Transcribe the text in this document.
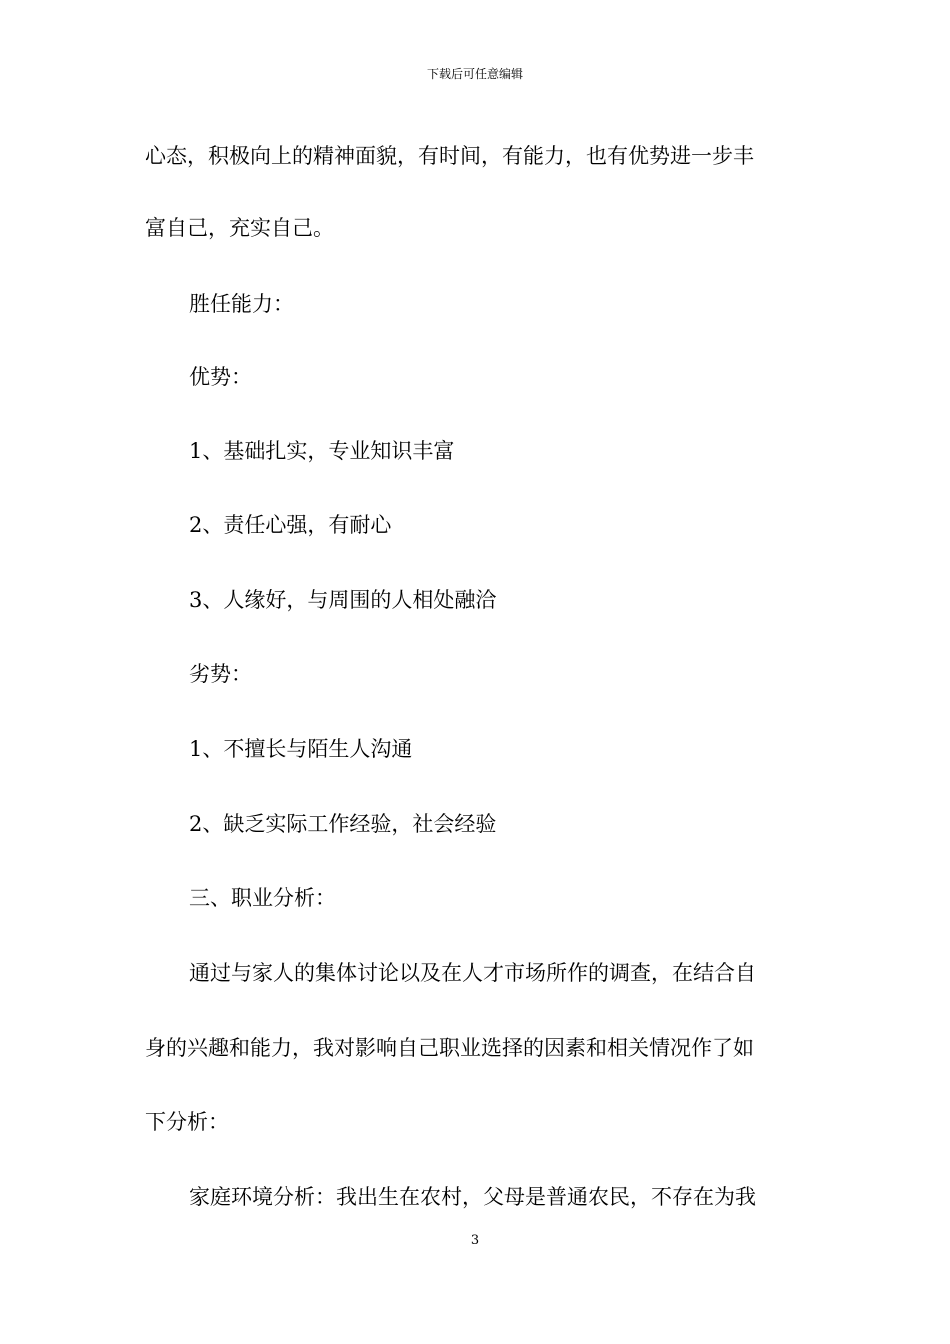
下载后可任意编辑
心态，积极向上的精神面貌，有时间，有能力，也有优势进一步丰
富自己，充实自己。
胜任能力：
优势：
1、基础扎实，专业知识丰富
2、责任心强，有耐心
3、人缘好，与周围的人相处融洽
劣势：
1、不擅长与陌生人沟通
2、缺乏实际工作经验，社会经验
三、职业分析：
通过与家人的集体讨论以及在人才市场所作的调查，在结合自
身的兴趣和能力，我对影响自己职业选择的因素和相关情况作了如
下分析：
家庭环境分析：我出生在农村，父母是普通农民，不存在为我
3
